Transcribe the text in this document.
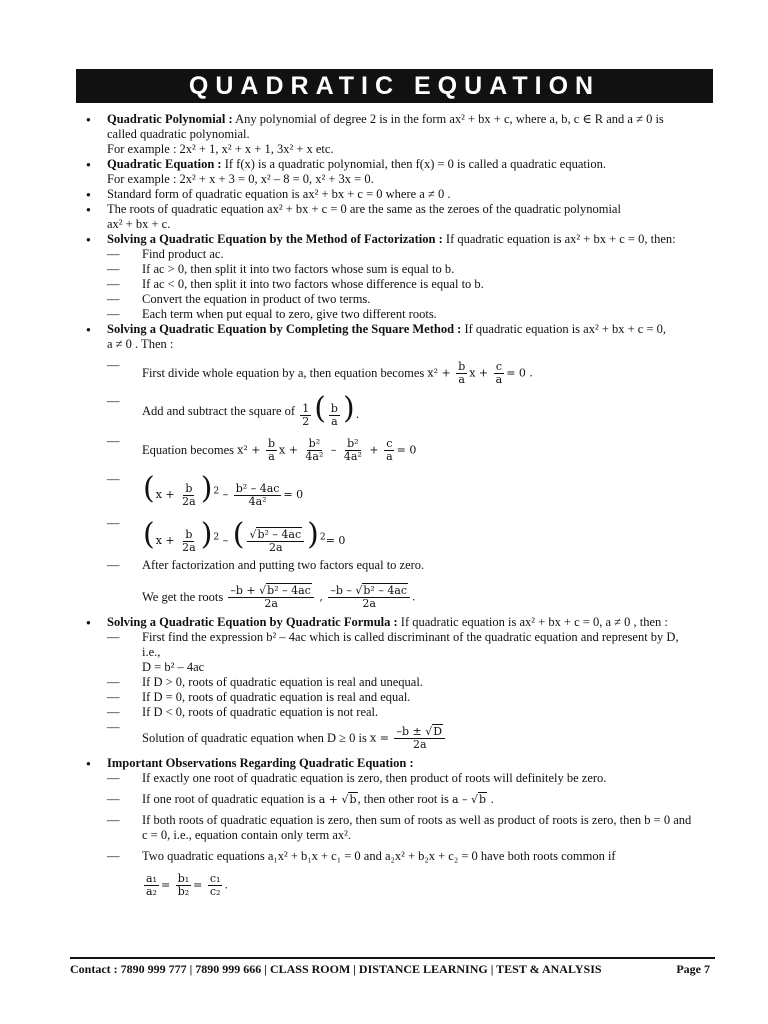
QUADRATIC EQUATION
● Quadratic Polynomial : Any polynomial of degree 2 is in the form ax² + bx + c, where a, b, c ∈ R and a ≠ 0 is
called quadratic polynomial.
For example : 2x² + 1, x² + x + 1, 3x² + x etc.
● Quadratic Equation : If f(x) is a quadratic polynomial, then f(x) = 0 is called a quadratic equation.
For example : 2x² + x + 3 = 0, x² – 8 = 0, x² + 3x = 0.
● Standard form of quadratic equation is ax² + bx + c = 0 where a ≠ 0 .
● The roots of quadratic equation ax² + bx + c = 0 are the same as the zeroes of the quadratic polynomial
ax² + bx + c.
● Solving a Quadratic Equation by the Method of Factorization : If quadratic equation is ax² + bx + c = 0, then:
— Find product ac.
— If ac > 0, then split it into two factors whose sum is equal to b.
— If ac < 0, then split it into two factors whose difference is equal to b.
— Convert the equation in product of two terms.
— Each term when put equal to zero, give two different roots.
● Solving a Quadratic Equation by Completing the Square Method : If quadratic equation is ax² + bx + c = 0,
a ≠ 0 . Then :
— First divide whole equation by a, then equation becomes
$x^2 + \frac{b}{a}$ $x + \frac{c}{a} = 0$ .
— Add and subtract the square of
$\frac{1}{2}$ ( $\frac{b}{a}$ ).
— Equation becomes
$x^2 + \frac{b}{a}$ $x + \frac{\text{b²}}{\text{4a²}} - \frac{\text{b²}}{\text{4a²}} + \frac{c}{a} = 0$
— $(x + \frac{b}{2a} )^2 - \frac{\text{b² – 4ac}}{\text{4a²}} = 0$
— $(x + \frac{b}{2a} )^2$ – ( $\frac{\text{√b² – 4ac}}{2a} )^2= 0$
— After factorization and putting two factors equal to zero.
We get the roots
$\frac{\text{–b + √b² – 4ac}}{2a}$ , $\frac{\text{–b – √b² – 4ac}}{2a}$ .
● Solving a Quadratic Equation by Quadratic Formula : If quadratic equation is ax² + bx + c = 0, a ≠ 0 , then :
— First find the expression b² – 4ac which is called discriminant of the quadratic equation and represent by D,
i.e.,
D = b² – 4ac
— If D > 0, roots of quadratic equation is real and unequal.
— If D = 0, roots of quadratic equation is real and equal.
— If D < 0, roots of quadratic equation is not real.
— Solution of quadratic equation when D ≥ 0 is
$x = \frac{-b \pm √D}{2a}$
● Important Observations Regarding Quadratic Equation :
— If exactly one root of quadratic equation is zero, then product of roots will definitely be zero.
— If one root of quadratic equation is a + √b, then other root is a – √b .
— If both roots of quadratic equation is zero, then sum of roots as well as product of roots is zero, then b = 0 and
c = 0, i.e., equation contain only term ax².
— Two quadratic equations a₁x² + b₁x + c₁ = 0 and a₂x² + b₂x + c₂ = 0 have both roots common if
$\frac{\text{a₁}}{\text{a₂}} = \frac{\text{b₁}}{\text{b₂}} = \frac{\text{c₁}}{\text{c₂}}$ .
Contact : 7890 999 777 | 7890 999 666 | CLASS ROOM | DISTANCE LEARNING | TEST & ANALYSIS	Page 7
